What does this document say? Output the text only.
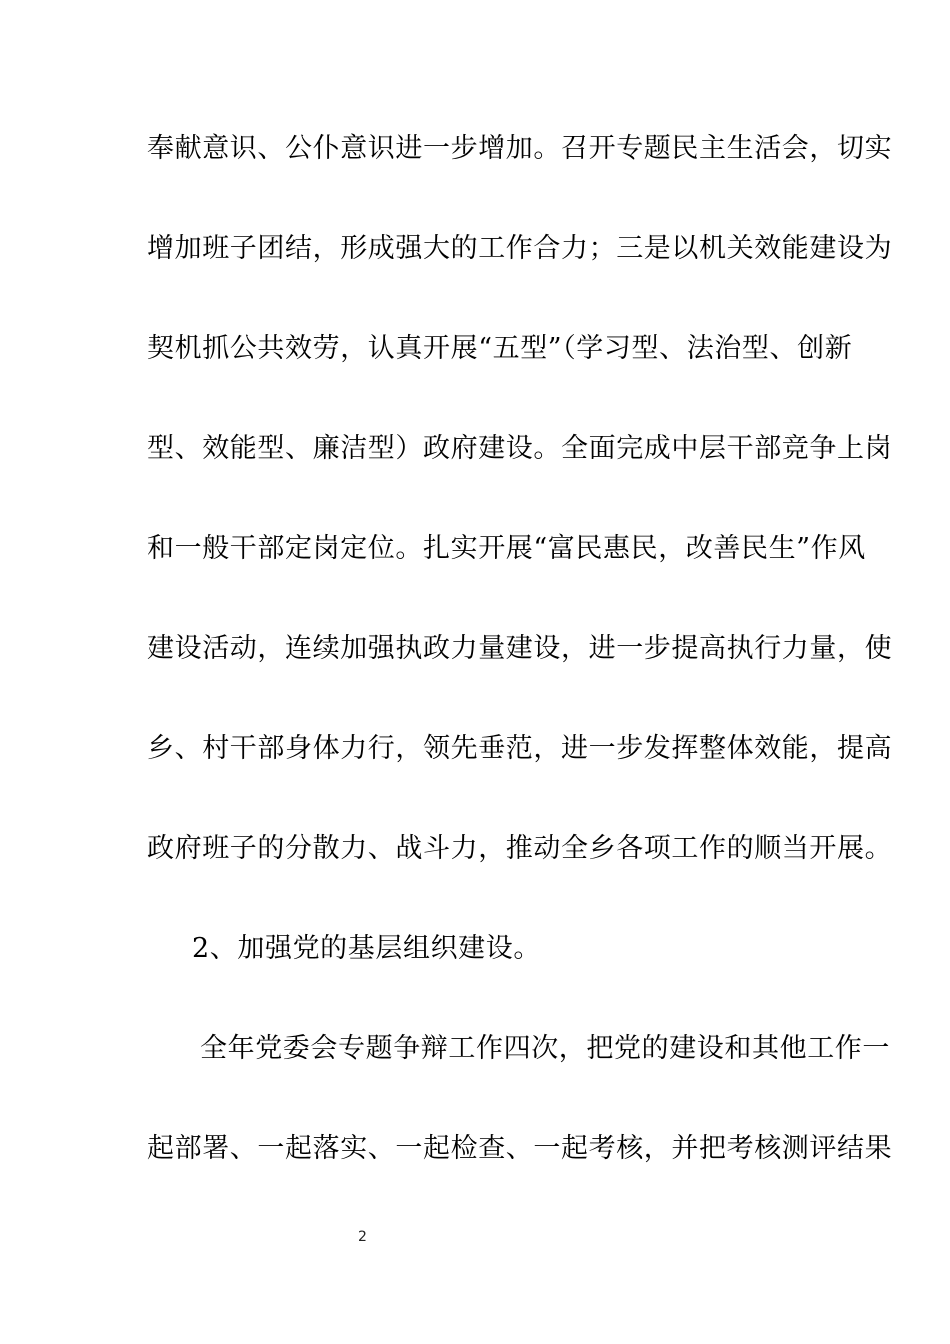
奉献意识、公仆意识进一步增加。召开专题民主生活会，切实
增加班子团结，形成强大的工作合力；三是以机关效能建设为
契机抓公共效劳，认真开展“五型”（学习型、法治型、创新
型、效能型、廉洁型）政府建设。全面完成中层干部竞争上岗
和一般干部定岗定位。扎实开展“富民惠民，改善民生”作风
建设活动，连续加强执政力量建设，进一步提高执行力量，使
乡、村干部身体力行，领先垂范，进一步发挥整体效能，提高
政府班子的分散力、战斗力，推动全乡各项工作的顺当开展。
2、加强党的基层组织建设。
全年党委会专题争辩工作四次，把党的建设和其他工作一
起部署、一起落实、一起检查、一起考核，并把考核测评结果
2
